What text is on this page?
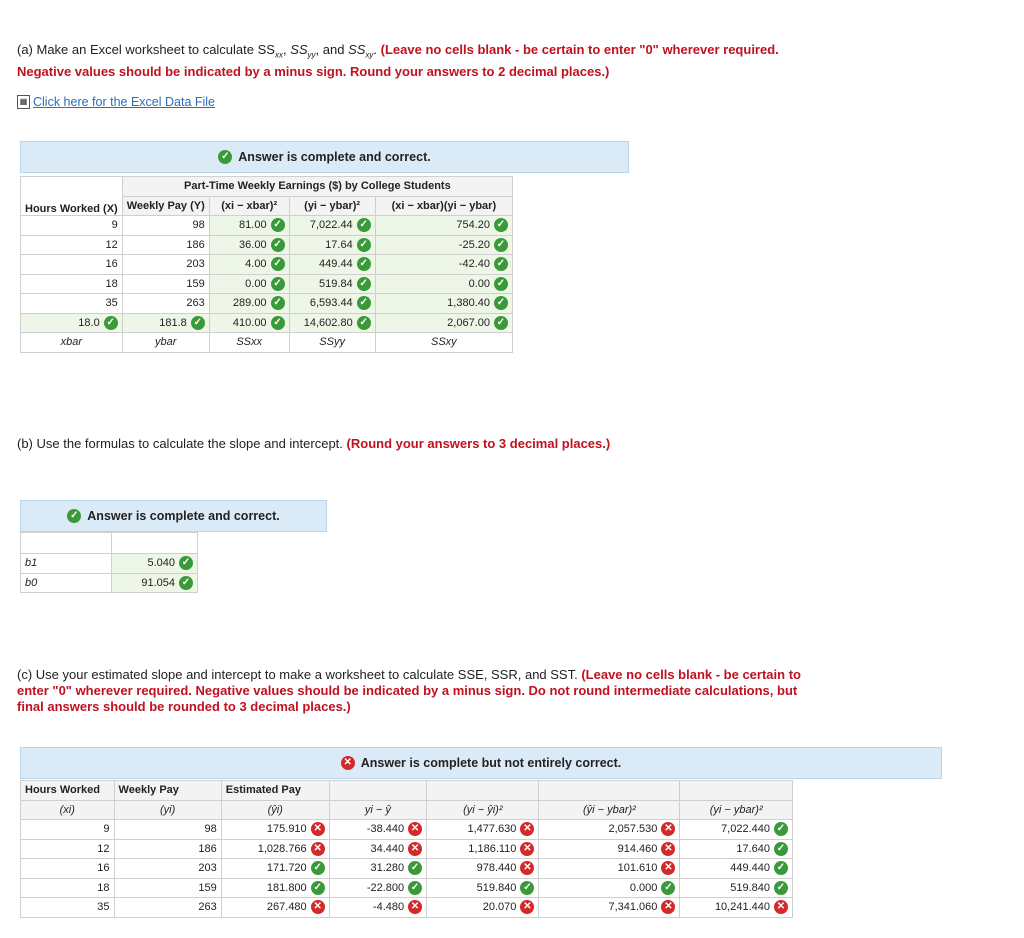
(a) Make an Excel worksheet to calculate $SS_{xx}$, $SS_{yy}$, and $SS_{xy}$. (Leave no cells blank - be certain to enter "0" wherever required. Negative values should be indicated by a minus sign. Round your answers to 2 decimal places.)
▦ Click here for the Excel Data File
✓ Answer is complete and correct.
Hours Worked (X)	Part-Time Weekly Earnings ($) by College Students			
	Weekly Pay (Y)	(xi − xbar)²	(yi − ybar)²	(xi − xbar)(yi − ybar)
9	98	81.00 ✓	7,022.44 ✓	754.20 ✓
12	186	36.00 ✓	17.64 ✓	-25.20 ✓
16	203	4.00 ✓	449.44 ✓	-42.40 ✓
18	159	0.00 ✓	519.84 ✓	0.00 ✓
35	263	289.00 ✓	6,593.44 ✓	1,380.40 ✓
18.0 ✓	181.8 ✓	410.00 ✓	14,602.80 ✓	2,067.00 ✓
xbar	ybar	SSxx	SSyy	SSxy
(b) Use the formulas to calculate the slope and intercept. (Round your answers to 3 decimal places.)
✓ Answer is complete and correct.

b1	5.040 ✓
b0	91.054 ✓
(c) Use your estimated slope and intercept to make a worksheet to calculate SSE, SSR, and SST. (Leave no cells blank - be certain to enter "0" wherever required. Negative values should be indicated by a minus sign. Do not round intermediate calculations, but final answers should be rounded to 3 decimal places.)
✕ Answer is complete but not entirely correct.
Hours Worked	Weekly Pay	Estimated Pay				
(xi)	(yi)	(ŷi)	yi − ŷ	(yi − ŷi)²	(ŷi − ybar)²	(yi − ybar)²
9	98	175.910 ✕	-38.440 ✕	1,477.630 ✕	2,057.530 ✕	7,022.440 ✓
12	186	1,028.766 ✕	34.440 ✕	1,186.110 ✕	914.460 ✕	17.640 ✓
16	203	171.720 ✓	31.280 ✓	978.440 ✕	101.610 ✕	449.440 ✓
18	159	181.800 ✓	-22.800 ✓	519.840 ✓	0.000 ✓	519.840 ✓
35	263	267.480 ✕	-4.480 ✕	20.070 ✕	7,341.060 ✕	10,241.440 ✕
